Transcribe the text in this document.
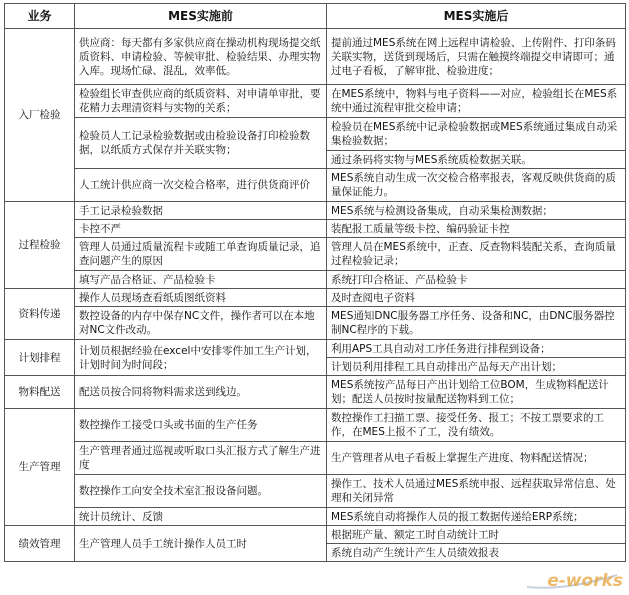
业务	MES实施前	MES实施后
入厂检验	供应商：每天都有多家供应商在操动机构现场提交纸质资料、申请检验、等候审批、检验结果、办理实物入库。现场忙碌、混乱，效率低。	提前通过MES系统在网上远程申请检验、上传附件、打印条码关联实物，送货到现场后，只需在触摸终端提交申请即可；通过电子看板，了解审批、检验进度；
	检验组长审查供应商的纸质资料、对申请单审批，要花精力去理清资料与实物的关系；	在MES系统中，物料与电子资料——对应，检验组长在MES系统中通过流程审批交检申请；
	检验员人工记录检验数据或由检验设备打印检验数据，以纸质方式保存并关联实物；	检验员在MES系统中记录检验数据或MES系统通过集成自动采集检验数据；
		通过条码将实物与MES系统质检数据关联。
	人工统计供应商一次交检合格率，进行供货商评价	MES系统自动生成一次交检合格率报表，客观反映供货商的质量保证能力。
过程检验	手工记录检验数据	MES系统与检测设备集成，自动采集检测数据；
	卡控不严	装配报工质量等级卡控、编码验证卡控
	管理人员通过质量流程卡或随工单查询质量记录，追查问题产生的原因	管理人员在MES系统中，正查、反查物料装配关系，查询质量过程检验记录；
	填写产品合格证、产品检验卡	系统打印合格证、产品检验卡
资料传递	操作人员现场查看纸质图纸资料	及时查阅电子资料
	数控设备的内存中保存NC文件，操作者可以在本地对NC文件改动。	MES通知DNC服务器工序任务、设备和NC，由DNC服务器控制NC程序的下载。
计划排程	计划员根据经验在excel中安排零件加工生产计划，计划时间为时间段；	利用APS工具自动对工序任务进行排程到设备；
		计划员利用排程工具自动排出产品每天产出计划；
物料配送	配送员按合同将物料需求送到线边。	MES系统按产品每日产出计划给工位BOM，生成物料配送计划；配送人员按时按量配送物料到工位；
生产管理	数控操作工接受口头或书面的生产任务	数控操作工扫描工票、接受任务、报工；不按工票要求的工作，在MES上报不了工，没有绩效。
	生产管理者通过巡视或听取口头汇报方式了解生产进度	生产管理者从电子看板上掌握生产进度、物料配送情况；
	数控操作工向安全技术室汇报设备问题。	操作工、技术人员通过MES系统申报、远程获取异常信息、处理和关闭异常
	统计员统计、反馈	MES系统自动将操作人员的报工数据传递给ERP系统；
绩效管理	生产管理人员手工统计操作人员工时	根据班产量、额定工时自动统计工时
		系统自动产生统计产生人员绩效报表
e-works
